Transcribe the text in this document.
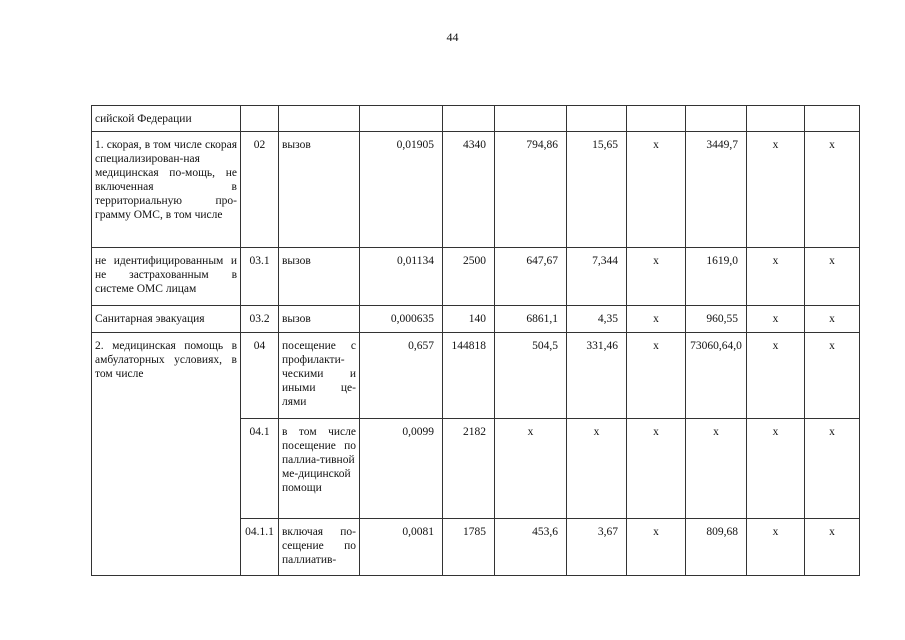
44
сийской Федерации										
1. скорая, в том числе скорая специализирован-ная медицинская по-мощь, не включенная в территориальную про-грамму ОМС, в том числе	02	вызов	0,01905	4340	794,86	15,65	x	3449,7	x	x
не идентифицированным и не застрахованным в системе ОМС лицам	03.1	вызов	0,01134	2500	647,67	7,344	x	1619,0	x	x
Санитарная эвакуация	03.2	вызов	0,000635	140	6861,1	4,35	x	960,55	x	x
2. медицинская помощь в амбулаторных условиях, в том числе	04	посещение с профилакти-ческими и иными це-лями	0,657	144818	504,5	331,46	x	73060,64,0	x	x
	04.1	в том числе посещение по паллиа-тивной ме-дицинской помощи	0,0099	2182	x	x	x	x	x	x
	04.1.1	включая по-сещение по паллиатив-	0,0081	1785	453,6	3,67	x	809,68	x	x
